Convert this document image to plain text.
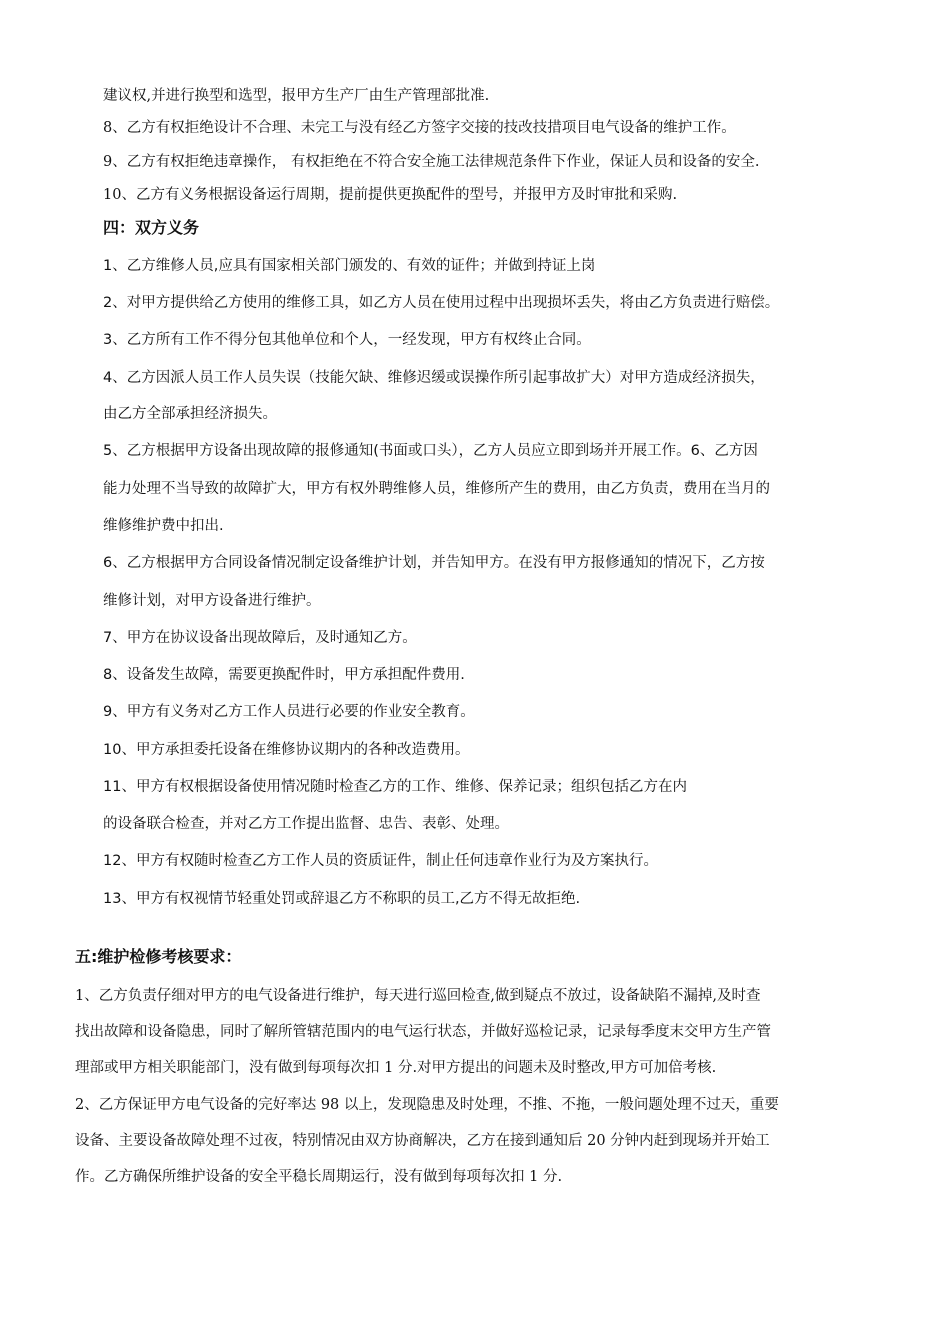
建议权,并进行换型和选型，报甲方生产厂由生产管理部批准.
8、乙方有权拒绝设计不合理、未完工与没有经乙方签字交接的技改技措项目电气设备的维护工作。
9、乙方有权拒绝违章操作， 有权拒绝在不符合安全施工法律规范条件下作业，保证人员和设备的安全.
10、乙方有义务根据设备运行周期，提前提供更换配件的型号，并报甲方及时审批和采购.
四：双方义务
1、乙方维修人员,应具有国家相关部门颁发的、有效的证件；并做到持证上岗
2、对甲方提供给乙方使用的维修工具，如乙方人员在使用过程中出现损坏丢失，将由乙方负责进行赔偿。
3、乙方所有工作不得分包其他单位和个人，一经发现，甲方有权终止合同。
4、乙方因派人员工作人员失误（技能欠缺、维修迟缓或误操作所引起事故扩大）对甲方造成经济损失，
由乙方全部承担经济损失。
5、乙方根据甲方设备出现故障的报修通知(书面或口头），乙方人员应立即到场并开展工作。6、乙方因
能力处理不当导致的故障扩大，甲方有权外聘维修人员，维修所产生的费用，由乙方负责，费用在当月的
维修维护费中扣出.
6、乙方根据甲方合同设备情况制定设备维护计划，并告知甲方。在没有甲方报修通知的情况下，乙方按
维修计划，对甲方设备进行维护。
7、甲方在协议设备出现故障后，及时通知乙方。
8、设备发生故障，需要更换配件时，甲方承担配件费用.
9、甲方有义务对乙方工作人员进行必要的作业安全教育。
10、甲方承担委托设备在维修协议期内的各种改造费用。
11、甲方有权根据设备使用情况随时检查乙方的工作、维修、保养记录；组织包括乙方在内
的设备联合检查，并对乙方工作提出监督、忠告、表彰、处理。
12、甲方有权随时检查乙方工作人员的资质证件，制止任何违章作业行为及方案执行。
13、甲方有权视情节轻重处罚或辞退乙方不称职的员工,乙方不得无故拒绝.
五:维护检修考核要求：
1、乙方负责仔细对甲方的电气设备进行维护，每天进行巡回检查,做到疑点不放过，设备缺陷不漏掉,及时查
找出故障和设备隐患，同时了解所管辖范围内的电气运行状态，并做好巡检记录，记录每季度末交甲方生产管
理部或甲方相关职能部门，没有做到每项每次扣 1 分.对甲方提出的问题未及时整改,甲方可加倍考核.
2、乙方保证甲方电气设备的完好率达 98 以上，发现隐患及时处理，不推、不拖，一般问题处理不过天，重要
设备、主要设备故障处理不过夜，特别情况由双方协商解决，乙方在接到通知后 20 分钟内赶到现场并开始工
作。乙方确保所维护设备的安全平稳长周期运行，没有做到每项每次扣 1 分.
